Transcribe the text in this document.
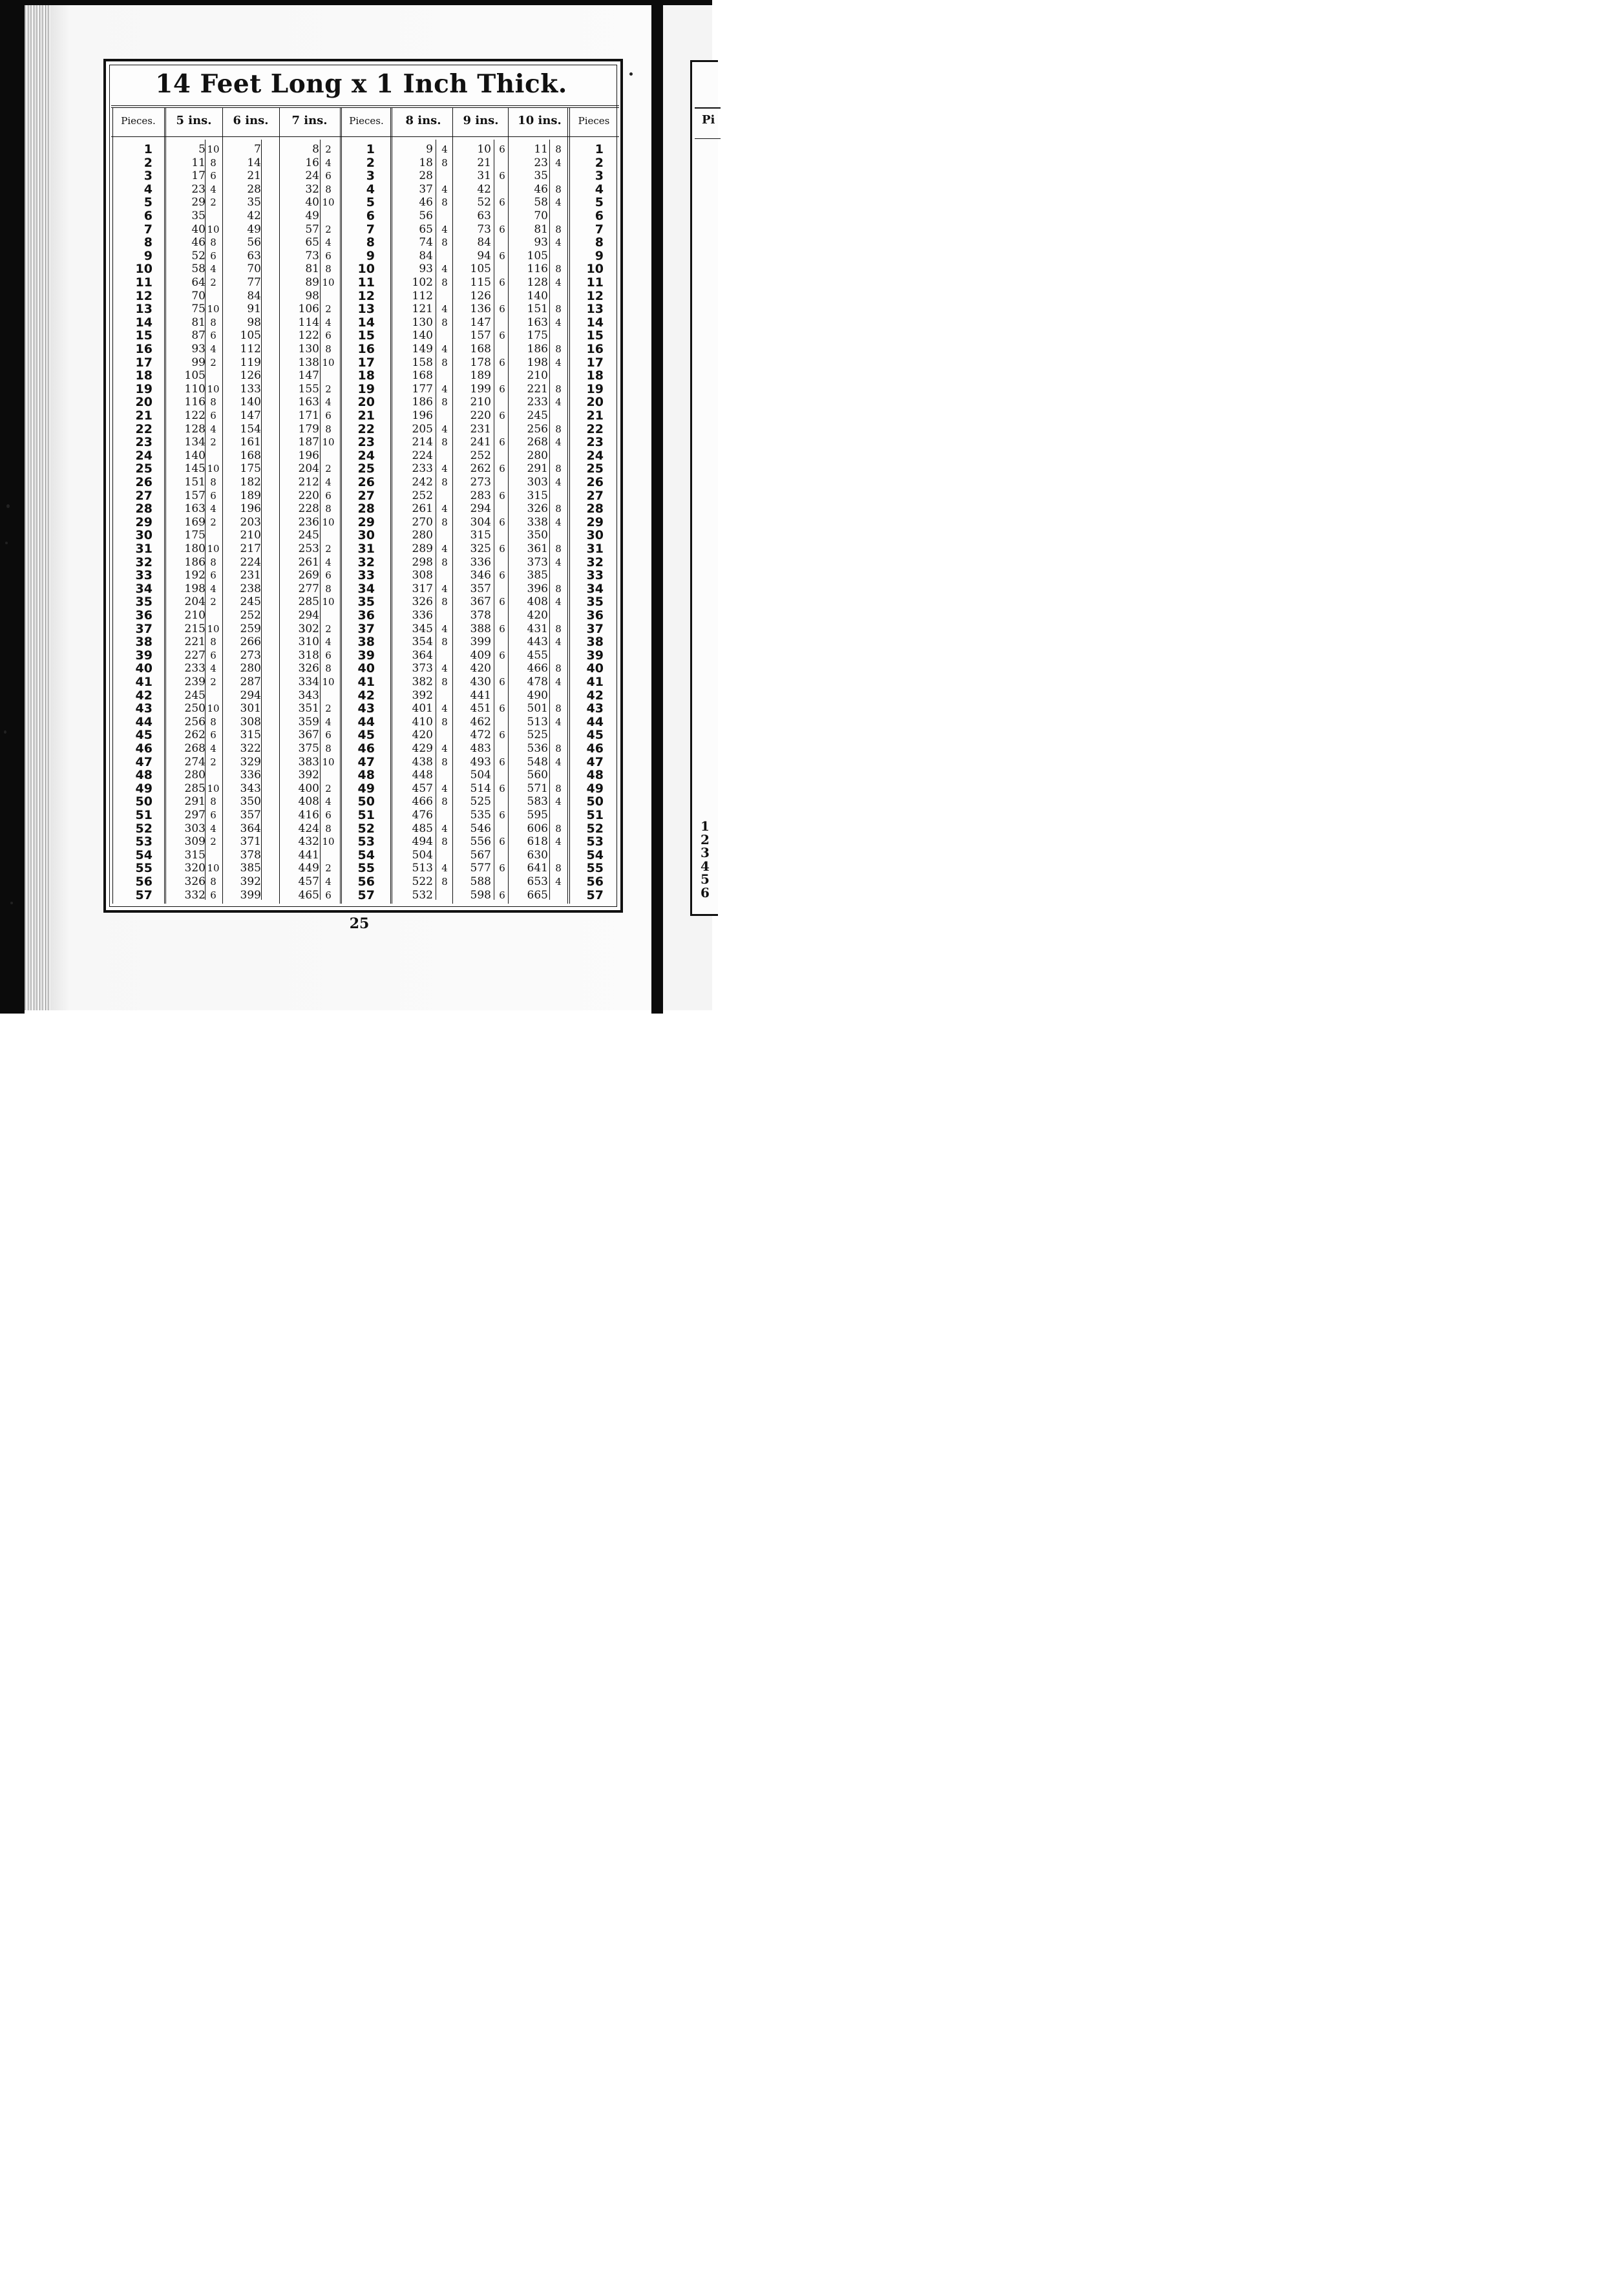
Pi
1
2
3
4
5
6
14 Feet Long x 1 Inch Thick.
Pieces.	5 ins.	6 ins.	7 ins.	Pieces.	8 ins.	9 ins.	10 ins.	Pieces
1	5 10	7	8 2	1	9 4	10 6	11 8	1
2	11 8	14	16 4	2	18 8	21	23 4	2
3	17 6	21	24 6	3	28	31 6	35	3
4	23 4	28	32 8	4	37 4	42	46 8	4
5	29 2	35	40 10	5	46 8	52 6	58 4	5
6	35	42	49	6	56	63	70	6
7	40 10	49	57 2	7	65 4	73 6	81 8	7
8	46 8	56	65 4	8	74 8	84	93 4	8
9	52 6	63	73 6	9	84	94 6	105	9
10	58 4	70	81 8	10	93 4	105	116 8	10
11	64 2	77	89 10	11	102 8	115 6	128 4	11
12	70	84	98	12	112	126	140	12
13	75 10	91	106 2	13	121 4	136 6	151 8	13
14	81 8	98	114 4	14	130 8	147	163 4	14
15	87 6	105	122 6	15	140	157 6	175	15
16	93 4	112	130 8	16	149 4	168	186 8	16
17	99 2	119	138 10	17	158 8	178 6	198 4	17
18	105	126	147	18	168	189	210	18
19	110 10	133	155 2	19	177 4	199 6	221 8	19
20	116 8	140	163 4	20	186 8	210	233 4	20
21	122 6	147	171 6	21	196	220 6	245	21
22	128 4	154	179 8	22	205 4	231	256 8	22
23	134 2	161	187 10	23	214 8	241 6	268 4	23
24	140	168	196	24	224	252	280	24
25	145 10	175	204 2	25	233 4	262 6	291 8	25
26	151 8	182	212 4	26	242 8	273	303 4	26
27	157 6	189	220 6	27	252	283 6	315	27
28	163 4	196	228 8	28	261 4	294	326 8	28
29	169 2	203	236 10	29	270 8	304 6	338 4	29
30	175	210	245	30	280	315	350	30
31	180 10	217	253 2	31	289 4	325 6	361 8	31
32	186 8	224	261 4	32	298 8	336	373 4	32
33	192 6	231	269 6	33	308	346 6	385	33
34	198 4	238	277 8	34	317 4	357	396 8	34
35	204 2	245	285 10	35	326 8	367 6	408 4	35
36	210	252	294	36	336	378	420	36
37	215 10	259	302 2	37	345 4	388 6	431 8	37
38	221 8	266	310 4	38	354 8	399	443 4	38
39	227 6	273	318 6	39	364	409 6	455	39
40	233 4	280	326 8	40	373 4	420	466 8	40
41	239 2	287	334 10	41	382 8	430 6	478 4	41
42	245	294	343	42	392	441	490	42
43	250 10	301	351 2	43	401 4	451 6	501 8	43
44	256 8	308	359 4	44	410 8	462	513 4	44
45	262 6	315	367 6	45	420	472 6	525	45
46	268 4	322	375 8	46	429 4	483	536 8	46
47	274 2	329	383 10	47	438 8	493 6	548 4	47
48	280	336	392	48	448	504	560	48
49	285 10	343	400 2	49	457 4	514 6	571 8	49
50	291 8	350	408 4	50	466 8	525	583 4	50
51	297 6	357	416 6	51	476	535 6	595	51
52	303 4	364	424 8	52	485 4	546	606 8	52
53	309 2	371	432 10	53	494 8	556 6	618 4	53
54	315	378	441	54	504	567	630	54
55	320 10	385	449 2	55	513 4	577 6	641 8	55
56	326 8	392	457 4	56	522 8	588	653 4	56
57	332 6	399	465 6	57	532	598 6	665	57
25
